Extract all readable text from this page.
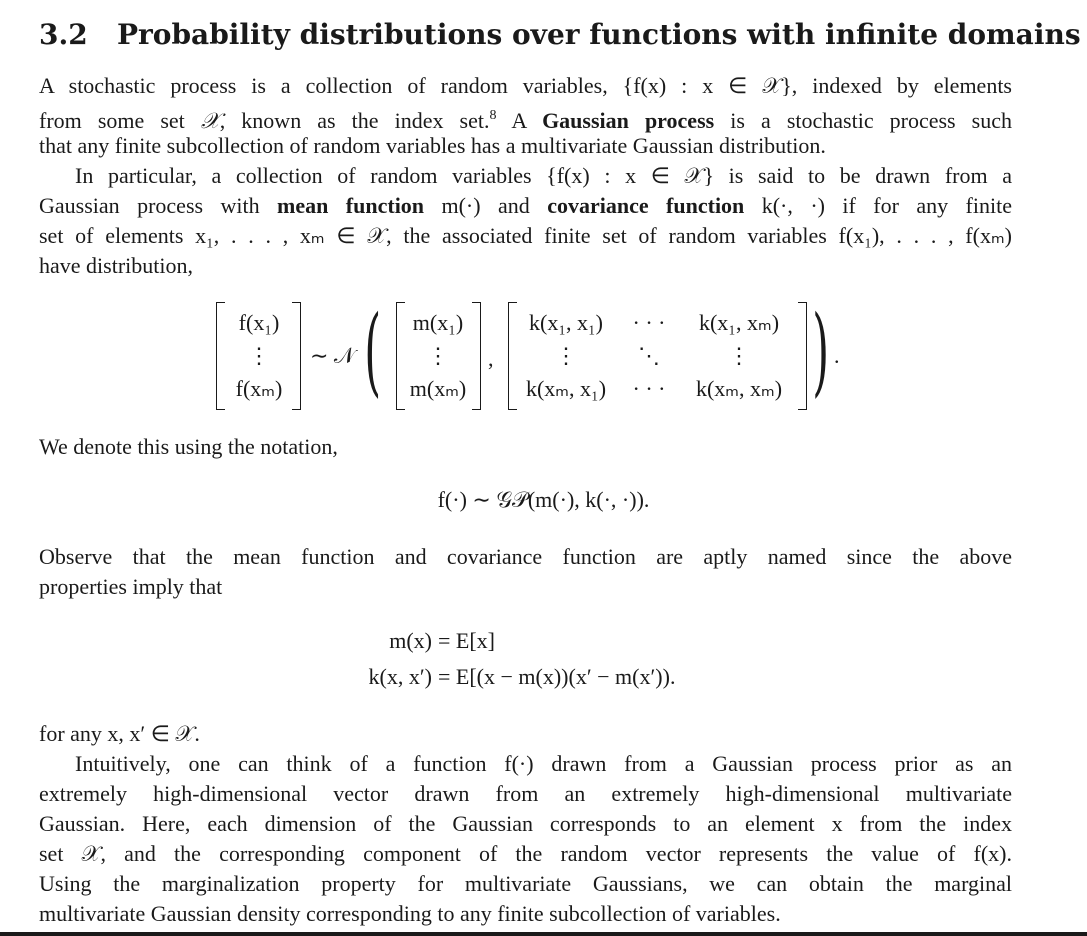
3.2 Probability distributions over functions with infinite domains

A stochastic process is a collection of random variables, {f(x) : x ∈ 𝒳}, indexed by elements

from some set 𝒳, known as the index set.$^8$ A Gaussian process is a stochastic process such

that any finite subcollection of random variables has a multivariate Gaussian distribution.

In particular, a collection of random variables {f(x) : x ∈ 𝒳} is said to be drawn from a

Gaussian process with mean function m(·) and covariance function k(·, ·) if for any finite

set of elements x₁, . . . , xₘ ∈ 𝒳, the associated finite set of random variables f(x₁), . . . , f(xₘ)

have distribution,

f(x₁)
⋮
f(xₘ)
∼ 𝒩 (	m(x₁)
⋮
m(xₘ)
,
k(x₁, x₁)	· · ·	k(x₁, xₘ)
⋮	⋱	⋮
k(xₘ, x₁)	· · ·	k(xₘ, xₘ) ) .

We denote this using the notation,

f(·) ∼ 𝒢𝒫(m(·), k(·, ·)).

Observe that the mean function and covariance function are aptly named since the above

properties imply that

m(x) = E[x]
k(x, x′) = E[(x − m(x))(x′ − m(x′)).

for any x, x′ ∈ 𝒳.

Intuitively, one can think of a function f(·) drawn from a Gaussian process prior as an

extremely high-dimensional vector drawn from an extremely high-dimensional multivariate

Gaussian. Here, each dimension of the Gaussian corresponds to an element x from the index

set 𝒳, and the corresponding component of the random vector represents the value of f(x).

Using the marginalization property for multivariate Gaussians, we can obtain the marginal

multivariate Gaussian density corresponding to any finite subcollection of variables.
